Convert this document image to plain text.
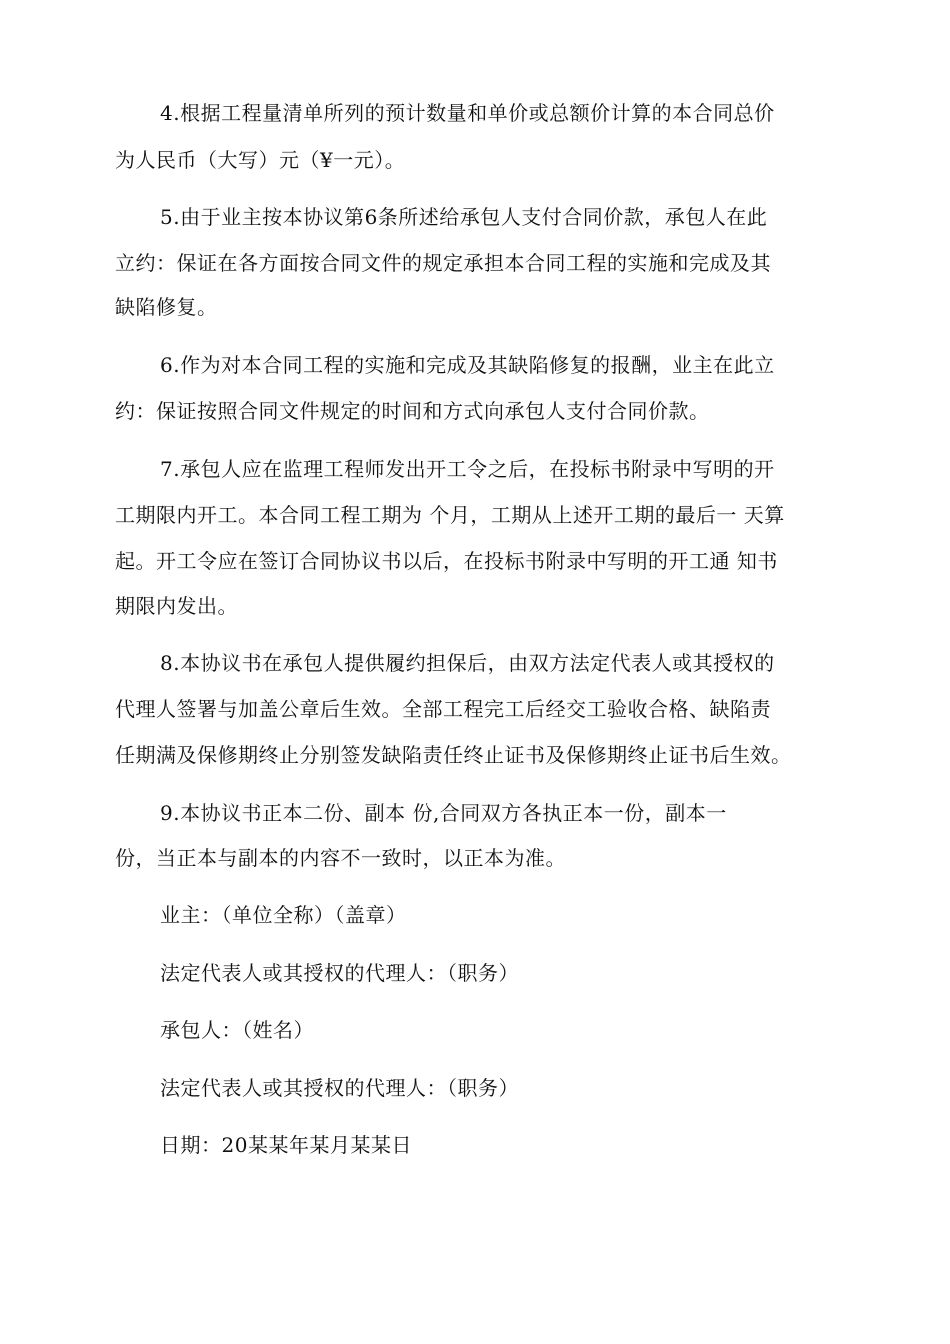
4.根据工程量清单所列的预计数量和单价或总额价计算的本合同总价
为人民币（大写）元（¥一元）。
5.由于业主按本协议第6条所述给承包人支付合同价款，承包人在此
立约：保证在各方面按合同文件的规定承担本合同工程的实施和完成及其
缺陷修复。
6.作为对本合同工程的实施和完成及其缺陷修复的报酬，业主在此立
约：保证按照合同文件规定的时间和方式向承包人支付合同价款。
7.承包人应在监理工程师发出开工令之后，在投标书附录中写明的开
工期限内开工。本合同工程工期为 个月，工期从上述开工期的最后一 天算
起。开工令应在签订合同协议书以后，在投标书附录中写明的开工通 知书
期限内发出。
8.本协议书在承包人提供履约担保后，由双方法定代表人或其授权的
代理人签署与加盖公章后生效。全部工程完工后经交工验收合格、缺陷责
任期满及保修期终止分别签发缺陷责任终止证书及保修期终止证书后生效。
9.本协议书正本二份、副本 份,合同双方各执正本一份，副本一
份，当正本与副本的内容不一致时，以正本为准。
业主：（单位全称）（盖章）
法定代表人或其授权的代理人：（职务）
承包人：（姓名）
法定代表人或其授权的代理人：（职务）
日期：20某某年某月某某日
